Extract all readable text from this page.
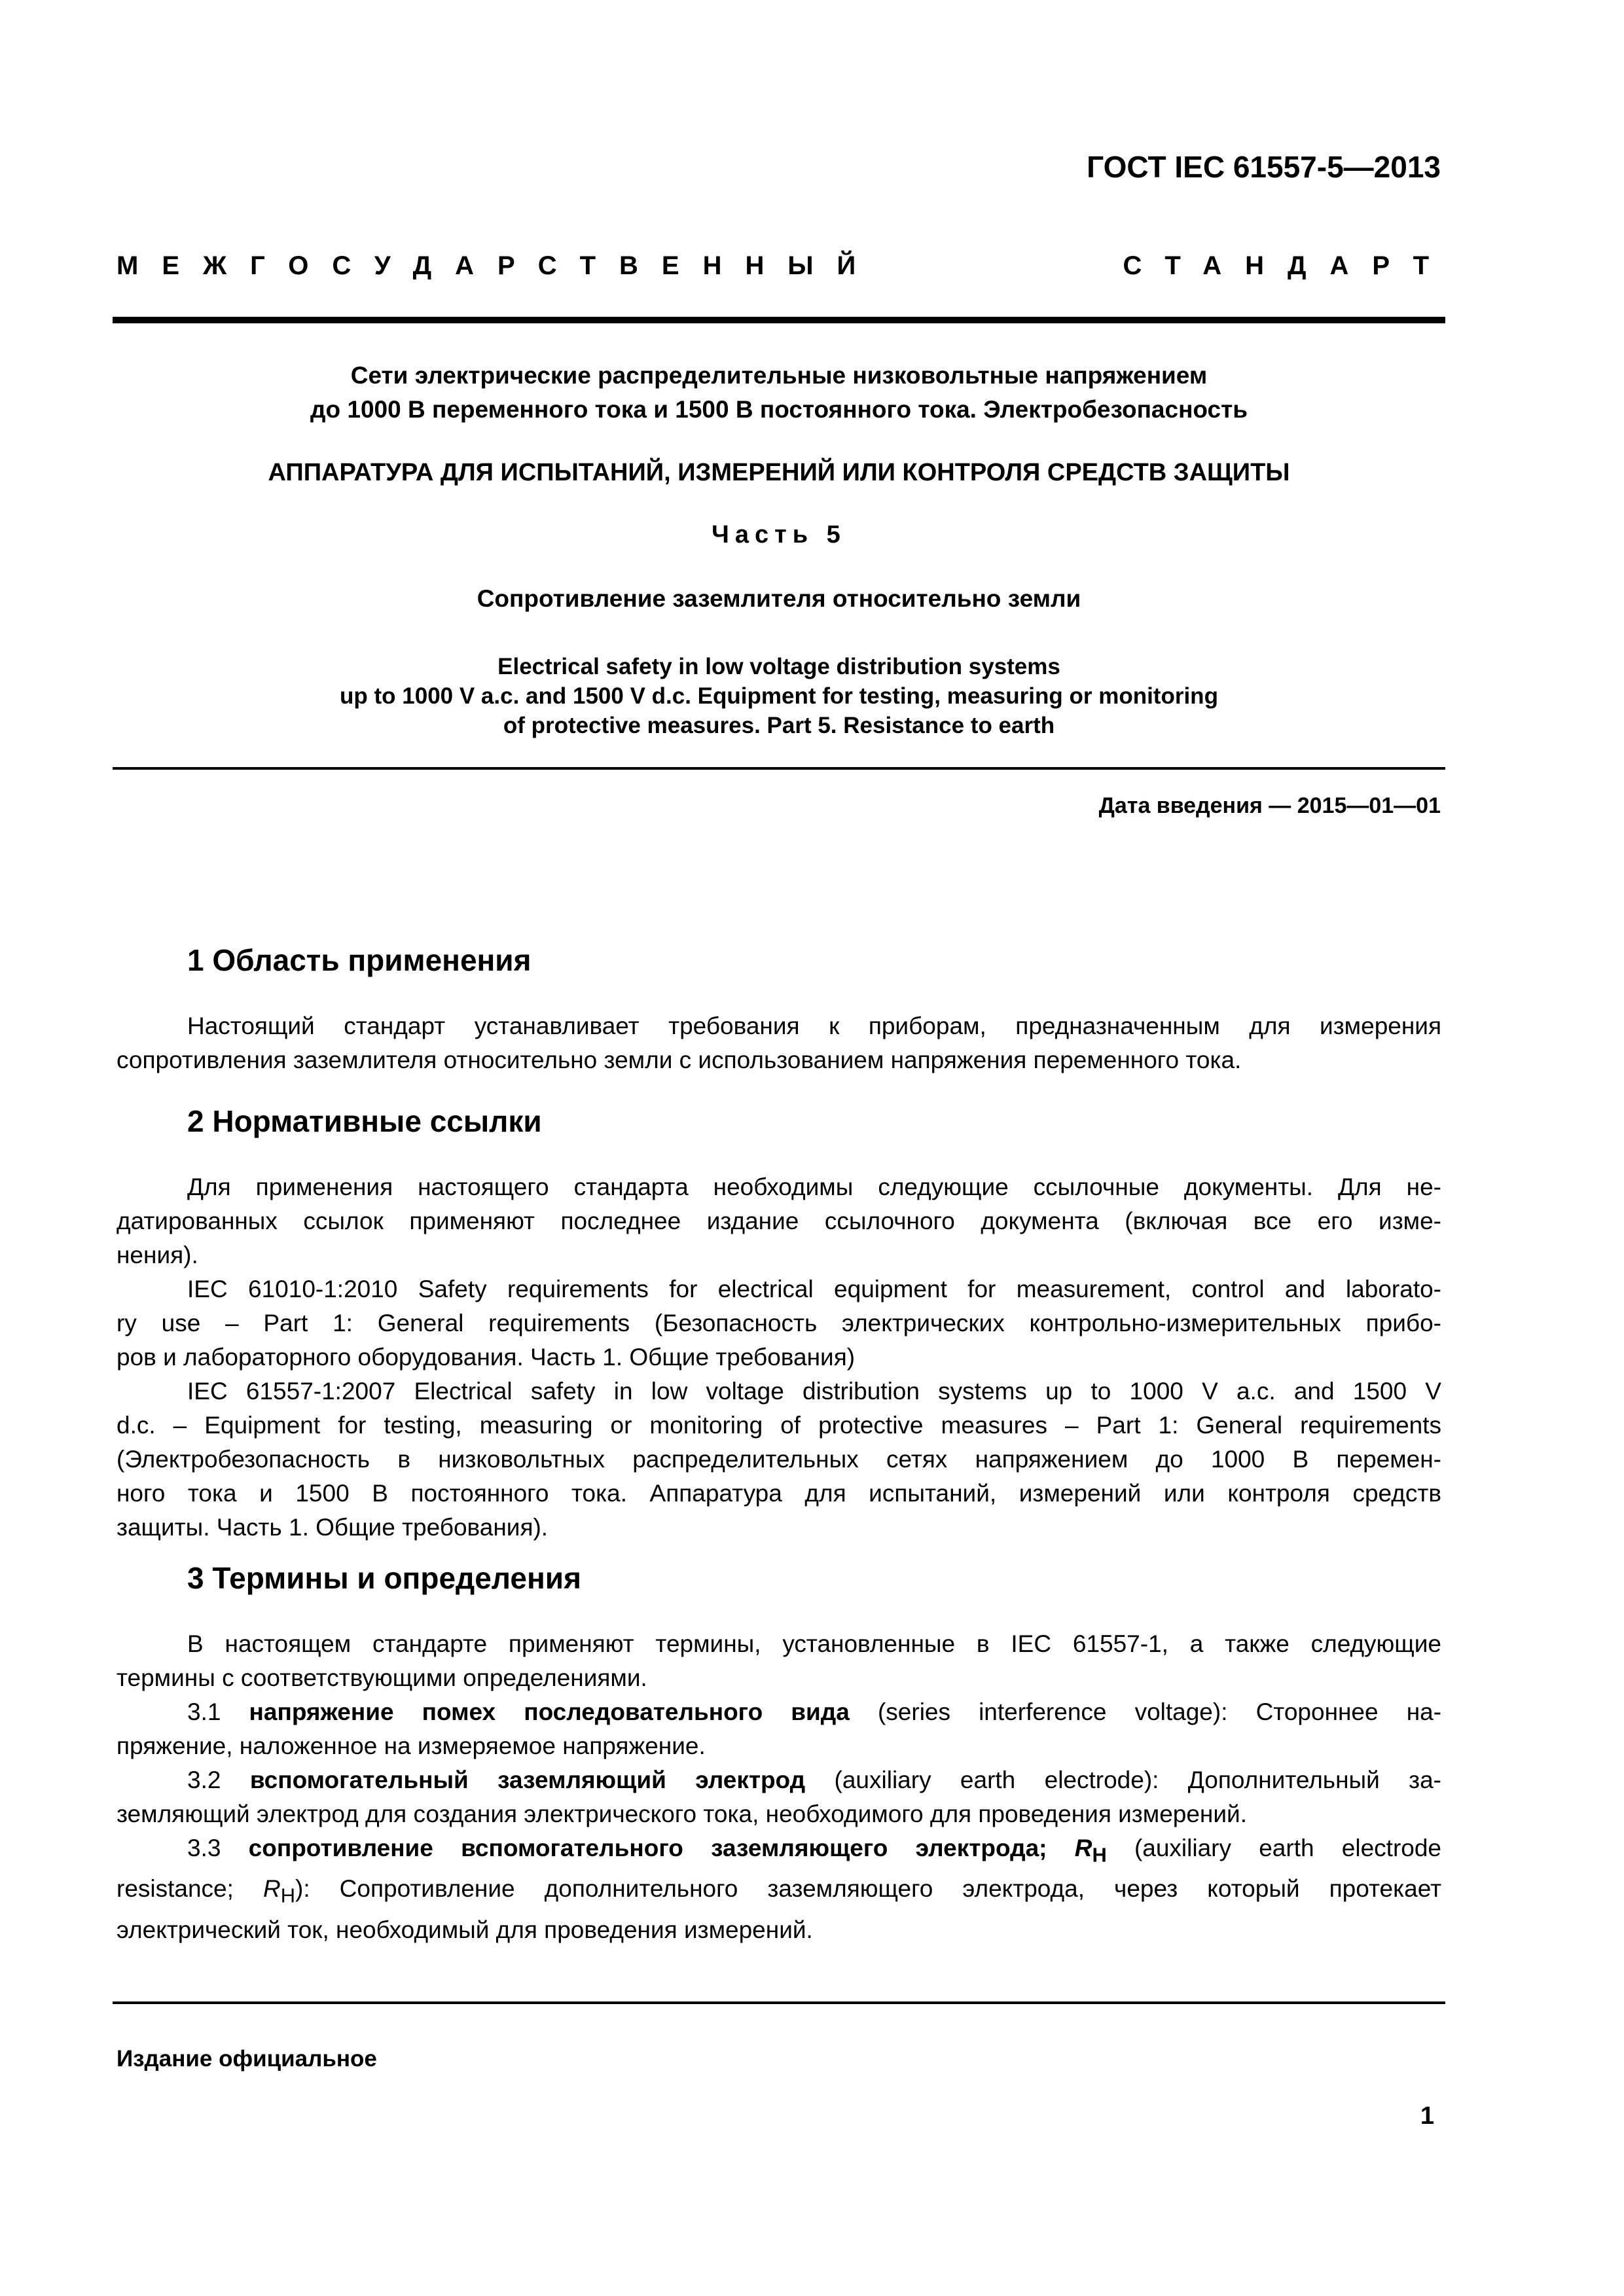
ГОСТ IEC 61557-5—2013
МЕЖГОСУДАРСТВЕННЫЙ	СТАНДАРТ
Сети электрические распределительные низковольтные напряжением
до 1000 В переменного тока и 1500 В постоянного тока. Электробезопасность
АППАРАТУРА ДЛЯ ИСПЫТАНИЙ, ИЗМЕРЕНИЙ ИЛИ КОНТРОЛЯ СРЕДСТВ ЗАЩИТЫ
Часть 5
Сопротивление заземлителя относительно земли
Electrical safety in low voltage distribution systems
up to 1000 V a.c. and 1500 V d.c. Equipment for testing, measuring or monitoring
of protective measures. Part 5. Resistance to earth
Дата введения — 2015—01—01
1 Область применения
Настоящий стандарт устанавливает требования к приборам, предназначенным для измерения
сопротивления заземлителя относительно земли с использованием напряжения переменного тока.
2 Нормативные ссылки
Для применения настоящего стандарта необходимы следующие ссылочные документы. Для не-
датированных ссылок применяют последнее издание ссылочного документа (включая все его изме-
нения).
IEC 61010-1:2010 Safety requirements for electrical equipment for measurement, control and laborato-
ry use – Part 1: General requirements (Безопасность электрических контрольно-измерительных прибо-
ров и лабораторного оборудования. Часть 1. Общие требования)
IEC 61557-1:2007 Electrical safety in low voltage distribution systems up to 1000 V a.c. and 1500 V
d.c. – Equipment for testing, measuring or monitoring of protective measures – Part 1: General requirements
(Электробезопасность в низковольтных распределительных сетях напряжением до 1000 В перемен-
ного тока и 1500 В постоянного тока. Аппаратура для испытаний, измерений или контроля средств
защиты. Часть 1. Общие требования).
3 Термины и определения
В настоящем стандарте применяют термины, установленные в IEC 61557-1, а также следующие
термины с соответствующими определениями.
3.1 напряжение помех последовательного вида (series interference voltage): Стороннее на-
пряжение, наложенное на измеряемое напряжение.
3.2 вспомогательный заземляющий электрод (auxiliary earth electrode): Дополнительный за-
земляющий электрод для создания электрического тока, необходимого для проведения измерений.
3.3 сопротивление вспомогательного заземляющего электрода; $R_H$ (auxiliary earth electrode
resistance; $R_H$): Сопротивление дополнительного заземляющего электрода, через который протекает
электрический ток, необходимый для проведения измерений.
Издание официальное
1
